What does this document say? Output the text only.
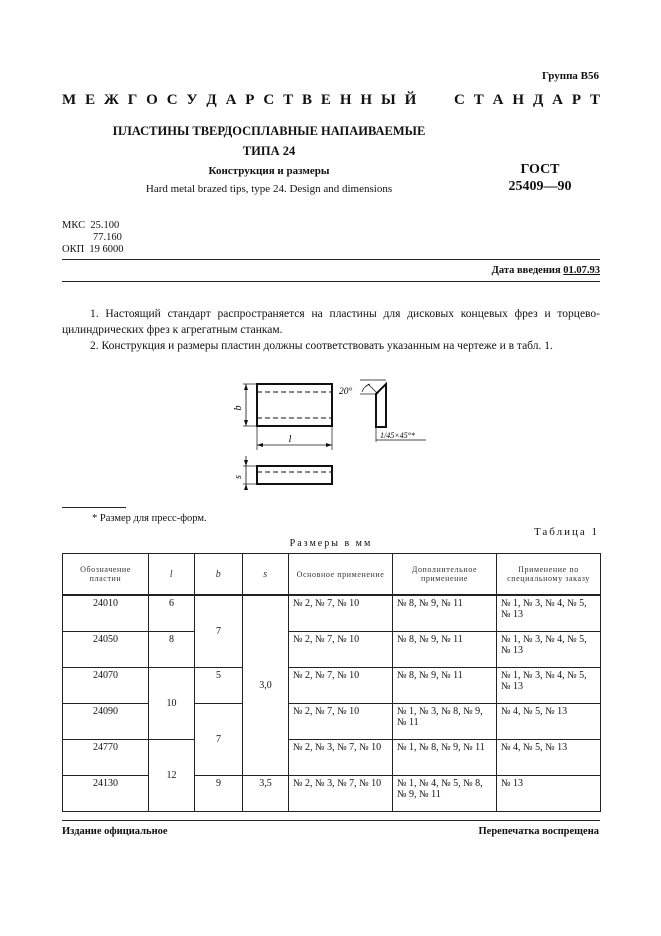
Группа В56
М Е Ж Г О С У Д А Р С Т В Е Н Н Ы Й	С Т А Н Д А Р Т
ПЛАСТИНЫ ТВЕРДОСПЛАВНЫЕ НАПАИВАЕМЫЕ
ТИПА 24
Конструкция и размеры
Hard metal brazed tips, type 24. Design and dimensions
ГОСТ
25409—90
МКС 25.100
77.160
ОКП 19 6000
Дата введения 01.07.93
1. Настоящий стандарт распространяется на пластины для дисковых концевых фрез и торцево-цилиндрических фрез к агрегатным станкам.
2. Конструкция и размеры пластин должны соответствовать указанным на чертеже и в табл. 1.
b
l
20°
1/45×45°*
s
* Размер для пресс-форм.
Таблица 1
Размеры в мм
Обозначение пластин	l	b	s	Основное применение	Дополнительное применение	Применение по специальному заказу
24010	6	7	3,0	№ 2, № 7, № 10	№ 8, № 9, № 11	№ 1, № 3, № 4, № 5, № 13
24050	8			№ 2, № 7, № 10	№ 8, № 9, № 11	№ 1, № 3, № 4, № 5, № 13
24070	10	5		№ 2, № 7, № 10	№ 8, № 9, № 11	№ 1, № 3, № 4, № 5, № 13
24090		7		№ 2, № 7, № 10	№ 1, № 3, № 8, № 9, № 11	№ 4, № 5, № 13
24770	12			№ 2, № 3, № 7, № 10	№ 1, № 8, № 9, № 11	№ 4, № 5, № 13
24130		9	3,5	№ 2, № 3, № 7, № 10	№ 1, № 4, № 5, № 8, № 9, № 11	№ 13
Издание официальное	Перепечатка воспрещена
